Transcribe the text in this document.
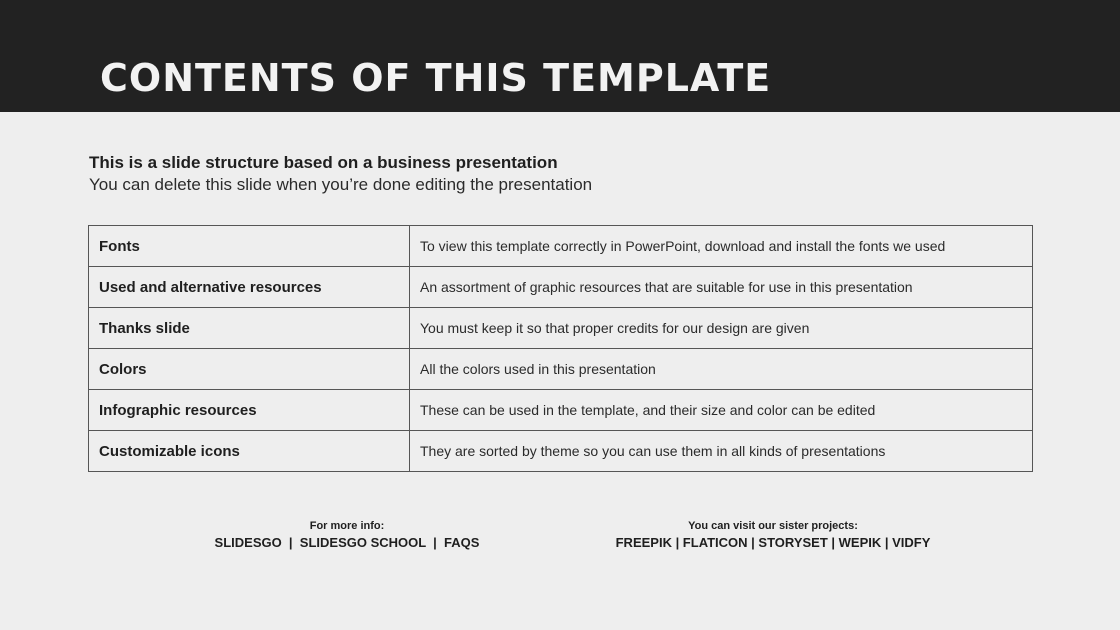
CONTENTS OF THIS TEMPLATE
This is a slide structure based on a business presentation
You can delete this slide when you’re done editing the presentation
Fonts	To view this template correctly in PowerPoint, download and install the fonts we used
Used and alternative resources	An assortment of graphic resources that are suitable for use in this presentation
Thanks slide	You must keep it so that proper credits for our design are given
Colors	All the colors used in this presentation
Infographic resources	These can be used in the template, and their size and color can be edited
Customizable icons	They are sorted by theme so you can use them in all kinds of presentations
For more info:
SLIDESGO  |  SLIDESGO SCHOOL  |  FAQS
You can visit our sister projects:
FREEPIK | FLATICON | STORYSET | WEPIK | VIDFY
